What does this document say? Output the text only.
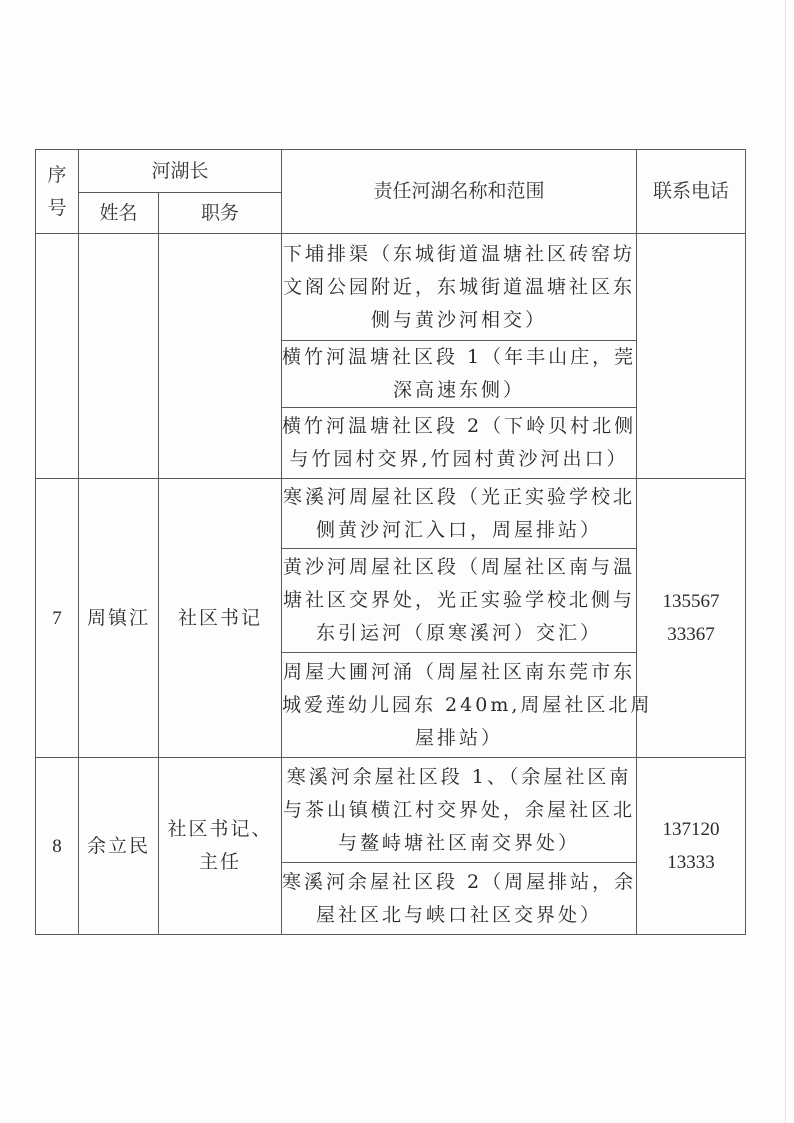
序
号	河湖长		责任河湖名称和范围	联系电话
	姓名	职务		

			下埔排渠（东城街道温塘社区砖窑坊
文阁公园附近，东城街道温塘社区东
侧与黄沙河相交）	

			横竹河温塘社区段 1（年丰山庄，莞
深高速东侧）	

			横竹河温塘社区段 2（下岭贝村北侧
与竹园村交界,竹园村黄沙河出口）	

7	周镇江	社区书记	寒溪河周屋社区段（光正实验学校北
侧黄沙河汇入口，周屋排站）	135567
33367

			黄沙河周屋社区段（周屋社区南与温
塘社区交界处，光正实验学校北侧与
东引运河（原寒溪河）交汇）	

			周屋大圃河涌（周屋社区南东莞市东
城爱莲幼儿园东 240m,周屋社区北周
屋排站）	

8	余立民	社区书记、
主任	寒溪河余屋社区段 1、（余屋社区南
与茶山镇横江村交界处，余屋社区北
与鳌峙塘社区南交界处）	137120
13333

			寒溪河余屋社区段 2（周屋排站，余
屋社区北与峡口社区交界处）	
